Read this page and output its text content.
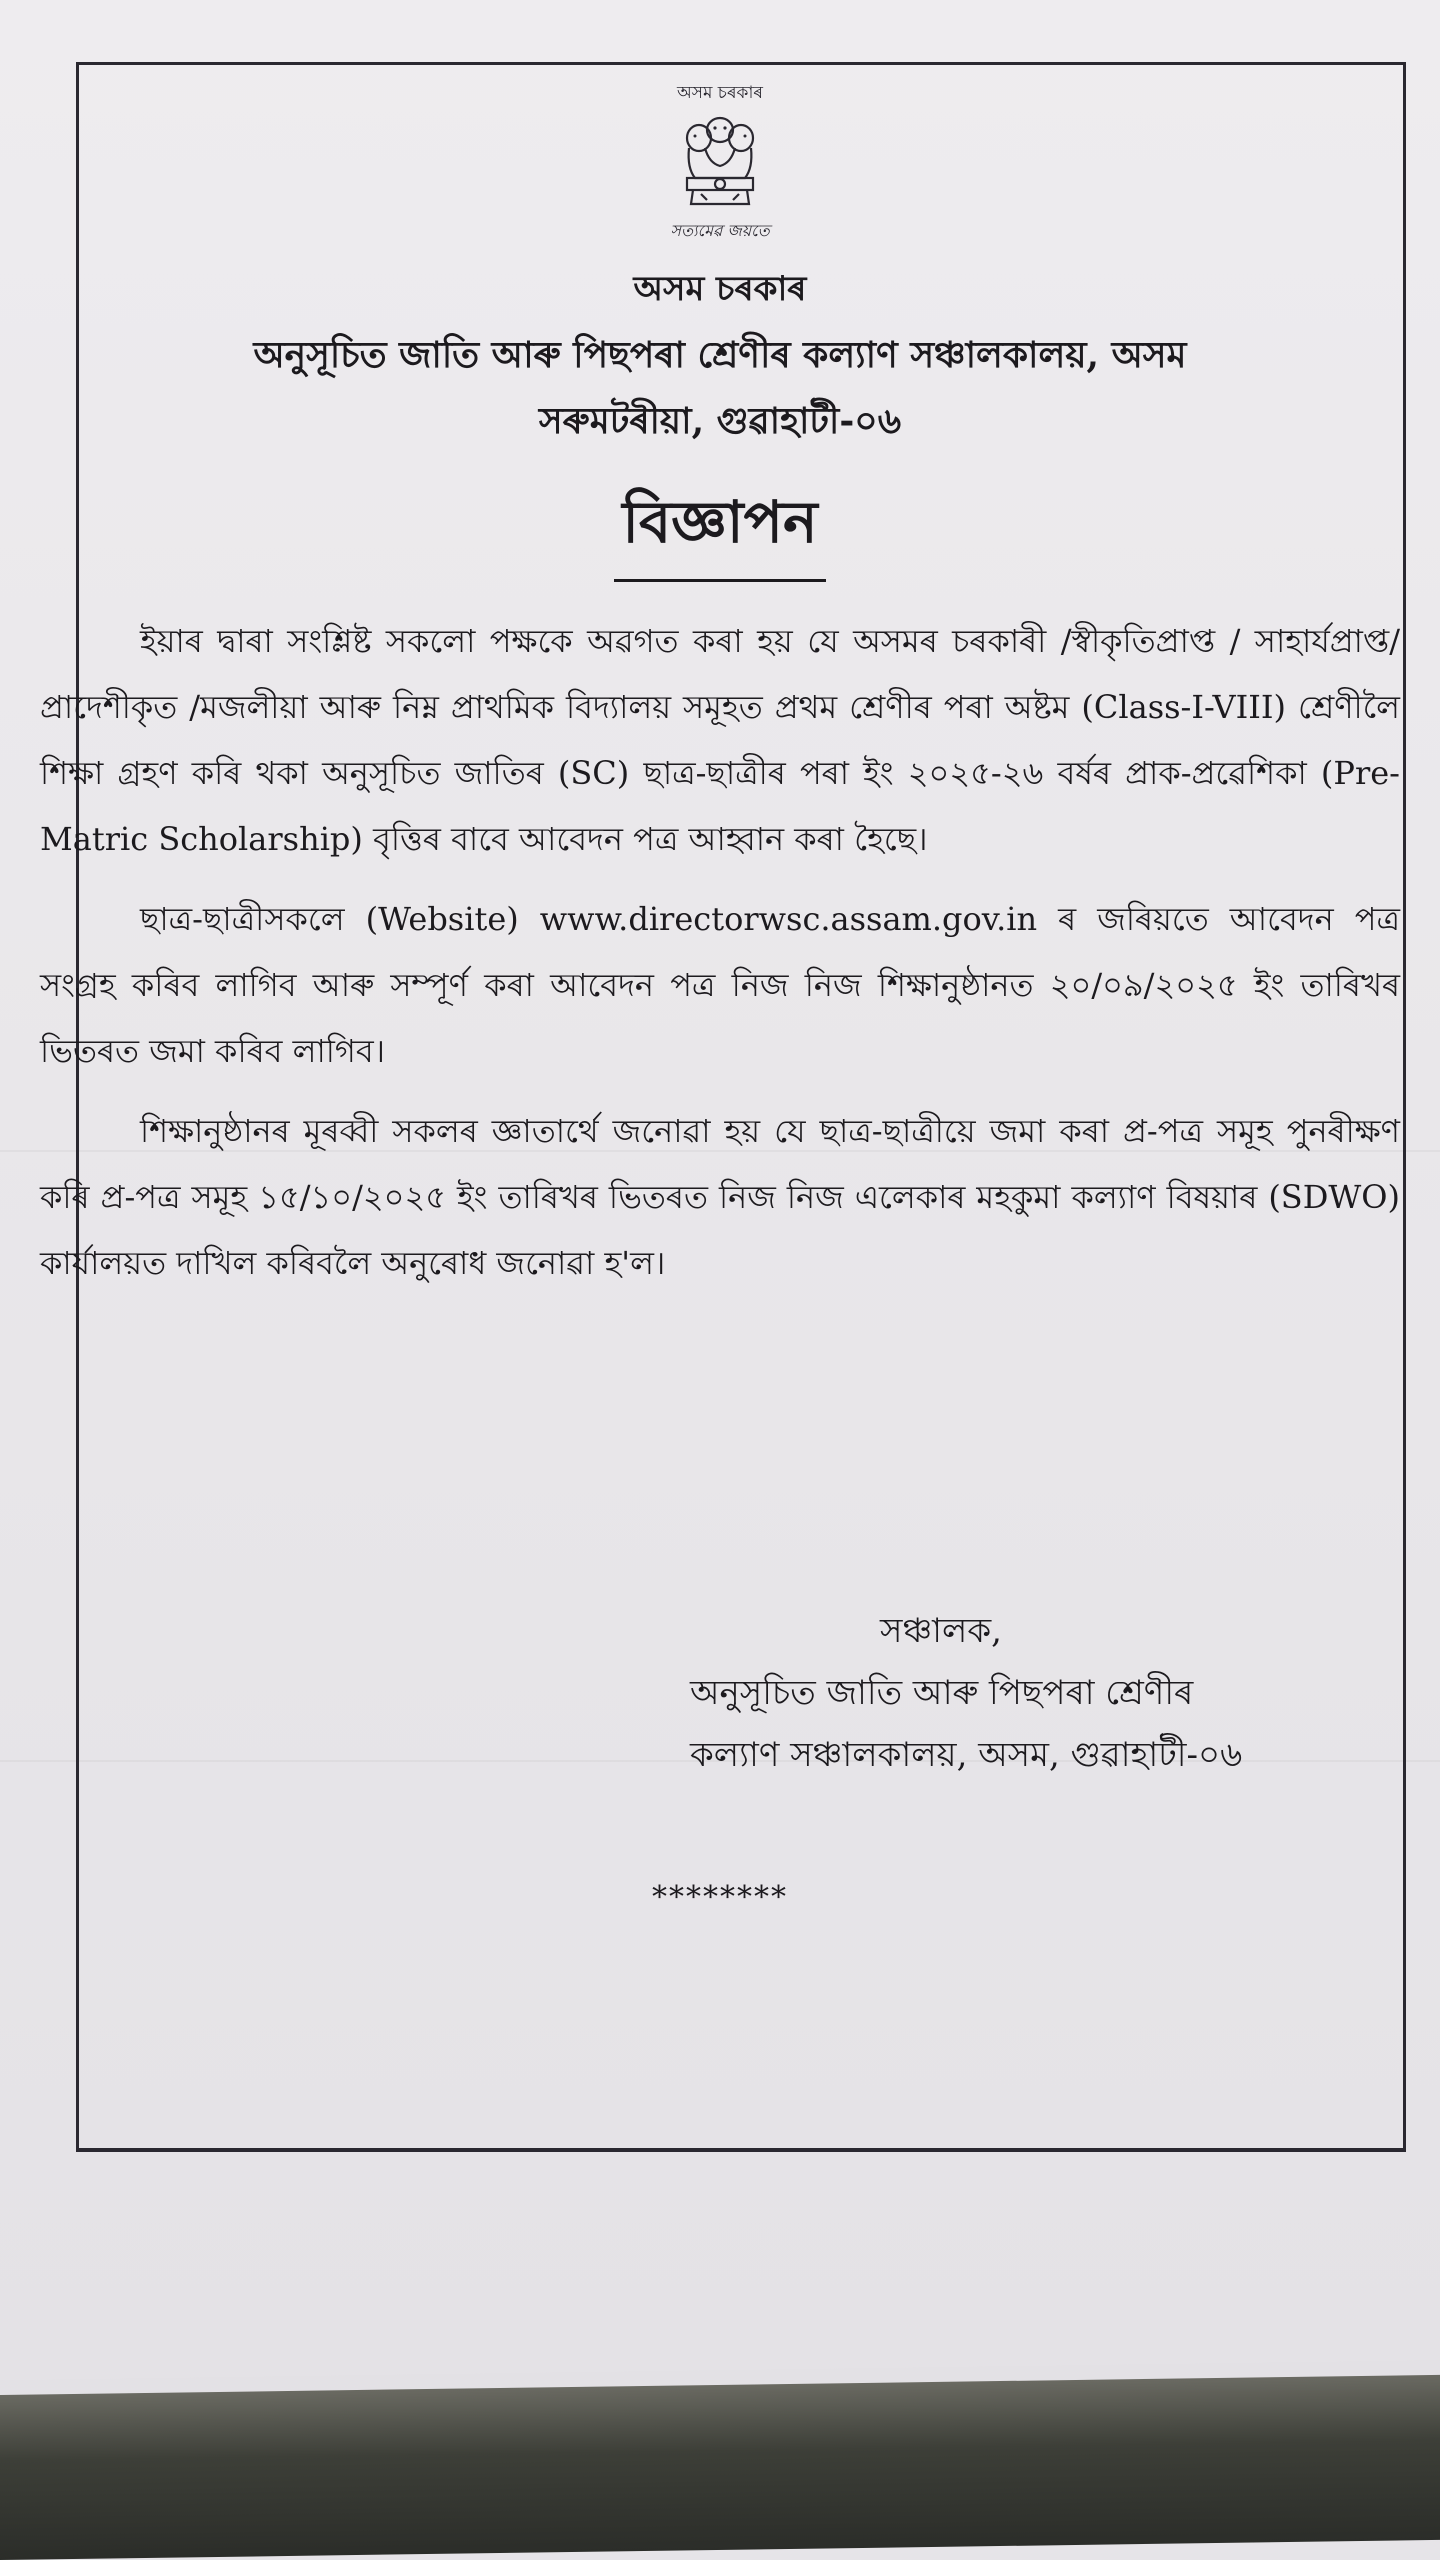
অসম চৰকাৰ
সত্যমেৱ জয়তে
অসম চৰকাৰ
অনুসূচিত জাতি আৰু পিছপৰা শ্ৰেণীৰ কল্যাণ সঞ্চালকালয়, অসম
সৰুমটৰীয়া, গুৱাহাটী-০৬
বিজ্ঞাপন

ইয়াৰ দ্বাৰা সংশ্লিষ্ট সকলো পক্ষকে অৱগত কৰা হয় যে অসমৰ চৰকাৰী /স্বীকৃতিপ্ৰাপ্ত / সাহাৰ্যপ্ৰাপ্ত/প্ৰাদেশীকৃত /মজলীয়া আৰু নিম্ন প্ৰাথমিক বিদ্যালয় সমূহত প্ৰথম শ্ৰেণীৰ পৰা অষ্টম (Class-I-VIII) শ্ৰেণীলৈ শিক্ষা গ্ৰহণ কৰি থকা অনুসূচিত জাতিৰ (SC) ছাত্ৰ-ছাত্ৰীৰ পৰা ইং ২০২৫-২৬ বৰ্ষৰ প্ৰাক-প্ৰৱেশিকা (Pre-Matric Scholarship) বৃত্তিৰ বাবে আবেদন পত্ৰ আহ্বান কৰা হৈছে।

ছাত্ৰ-ছাত্ৰীসকলে (Website) www.directorwsc.assam.gov.in ৰ জৰিয়তে আবেদন পত্ৰ সংগ্ৰহ কৰিব লাগিব আৰু সম্পূৰ্ণ কৰা আবেদন পত্ৰ নিজ নিজ শিক্ষানুষ্ঠানত ২০/০৯/২০২৫ ইং তাৰিখৰ ভিতৰত জমা কৰিব লাগিব।

শিক্ষানুষ্ঠানৰ মূৰব্বী সকলৰ জ্ঞাতাৰ্থে জনোৱা হয় যে ছাত্ৰ-ছাত্ৰীয়ে জমা কৰা প্ৰ-পত্ৰ সমূহ পুনৰীক্ষণ কৰি প্ৰ-পত্ৰ সমূহ ১৫/১০/২০২৫ ইং তাৰিখৰ ভিতৰত নিজ নিজ এলেকাৰ মহকুমা কল্যাণ বিষয়াৰ (SDWO) কাৰ্যালয়ত দাখিল কৰিবলৈ অনুৰোধ জনোৱা হ'ল।

সঞ্চালক,
অনুসূচিত জাতি আৰু পিছপৰা শ্ৰেণীৰ
কল্যাণ সঞ্চালকালয়, অসম, গুৱাহাটী-০৬
********
